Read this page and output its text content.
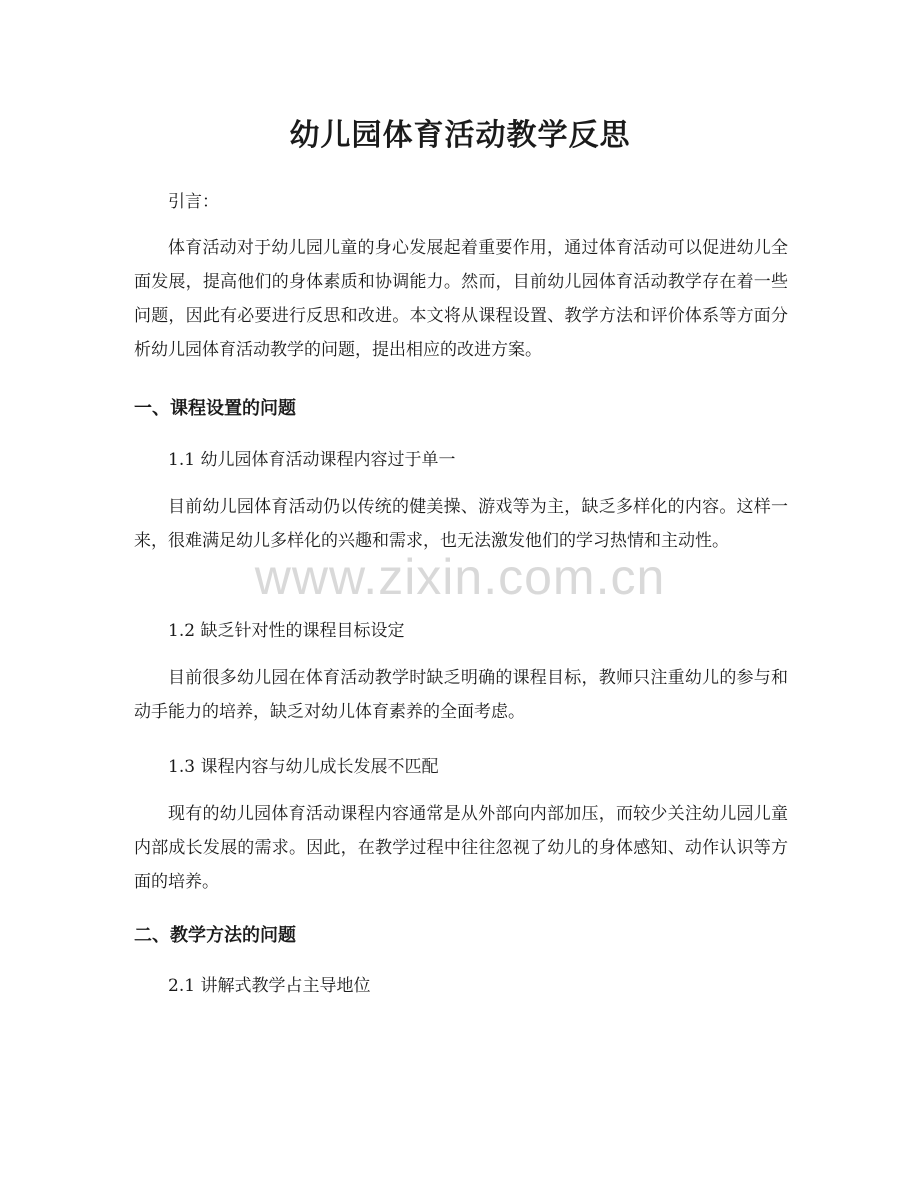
www.zixin.com.cn
幼儿园体育活动教学反思

引言：

体育活动对于幼儿园儿童的身心发展起着重要作用，通过体育活动可以促进幼儿全面发展，提高他们的身体素质和协调能力。然而，目前幼儿园体育活动教学存在着一些问题，因此有必要进行反思和改进。本文将从课程设置、教学方法和评价体系等方面分析幼儿园体育活动教学的问题，提出相应的改进方案。

一、课程设置的问题

1.1 幼儿园体育活动课程内容过于单一

目前幼儿园体育活动仍以传统的健美操、游戏等为主，缺乏多样化的内容。这样一来，很难满足幼儿多样化的兴趣和需求，也无法激发他们的学习热情和主动性。

1.2 缺乏针对性的课程目标设定

目前很多幼儿园在体育活动教学时缺乏明确的课程目标，教师只注重幼儿的参与和动手能力的培养，缺乏对幼儿体育素养的全面考虑。

1.3 课程内容与幼儿成长发展不匹配

现有的幼儿园体育活动课程内容通常是从外部向内部加压，而较少关注幼儿园儿童内部成长发展的需求。因此，在教学过程中往往忽视了幼儿的身体感知、动作认识等方面的培养。

二、教学方法的问题

2.1 讲解式教学占主导地位
